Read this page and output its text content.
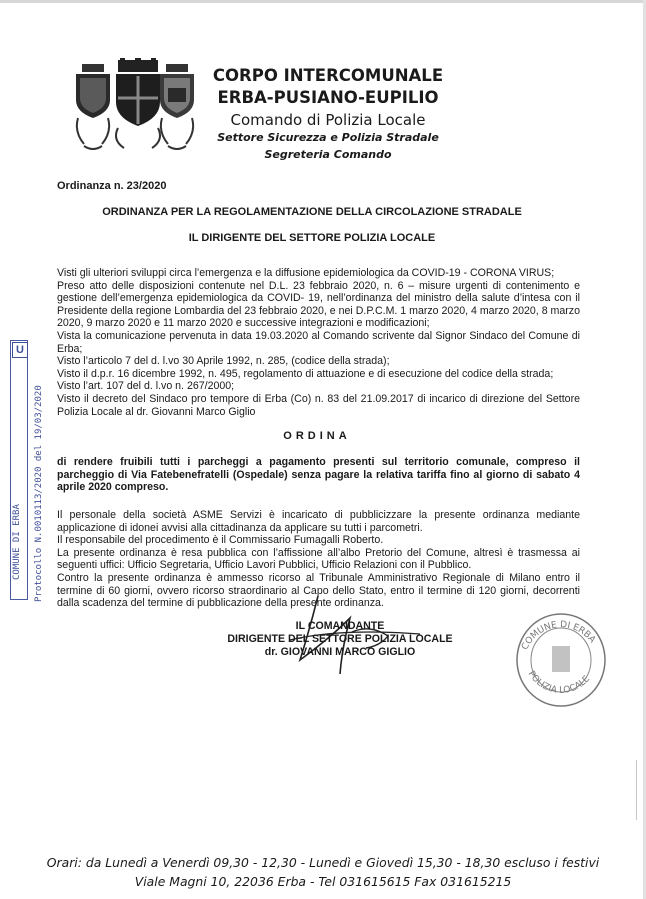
CORPO INTERCOMUNALE
ERBA-PUSIANO-EUPILIO
Comando di Polizia Locale
Settore Sicurezza e Polizia Stradale
Segreteria Comando
Ordinanza n. 23/2020
ORDINANZA PER LA REGOLAMENTAZIONE DELLA CIRCOLAZIONE STRADALE
IL DIRIGENTE DEL SETTORE POLIZIA LOCALE

Visti gli ulteriori sviluppi circa l’emergenza e la diffusione epidemiologica da COVID-19 - CORONA VIRUS;

Preso atto delle disposizioni contenute nel D.L. 23 febbraio 2020, n. 6 – misure urgenti di contenimento e gestione dell’emergenza epidemiologica da COVID- 19, nell’ordinanza del ministro della salute d’intesa con il Presidente della regione Lombardia del 23 febbraio 2020, e nei D.P.C.M. 1 marzo 2020, 4 marzo 2020, 8 marzo 2020, 9 marzo 2020 e 11 marzo 2020 e successive integrazioni e modificazioni;

Vista la comunicazione pervenuta in data 19.03.2020 al Comando scrivente dal Signor Sindaco del Comune di Erba;

Visto l’articolo 7 del d. l.vo 30 Aprile 1992, n. 285, (codice della strada);

Visto il d.p.r. 16 dicembre 1992, n. 495, regolamento di attuazione e di esecuzione del codice della strada;

Visto l’art. 107 del d. l.vo n. 267/2000;

Visto il decreto del Sindaco pro tempore di Erba (Co) n. 83 del 21.09.2017 di incarico di direzione del Settore Polizia Locale al dr. Giovanni Marco Giglio

ORDINA

di rendere fruibili tutti i parcheggi a pagamento presenti sul territorio comunale, compreso il parcheggio di Via Fatebenefratelli (Ospedale) senza pagare la relativa tariffa fino al giorno di sabato 4 aprile 2020 compreso.

Il personale della società ASME Servizi è incaricato di pubblicizzare la presente ordinanza mediante applicazione di idonei avvisi alla cittadinanza da applicare su tutti i parcometri.

Il responsabile del procedimento è il Commissario Fumagalli Roberto.

La presente ordinanza è resa pubblica con l’affissione all’albo Pretorio del Comune, altresì è trasmessa ai seguenti uffici: Ufficio Segretaria, Ufficio Lavori Pubblici, Ufficio Relazioni con il Pubblico.

Contro la presente ordinanza è ammesso ricorso al Tribunale Amministrativo Regionale di Milano entro il termine di 60 giorni, ovvero ricorso straordinario al Capo dello Stato, entro il termine di 120 giorni, decorrenti dalla scadenza del termine di pubblicazione della presente ordinanza.

IL COMANDANTE
DIRIGENTE DEL SETTORE POLIZIA LOCALE
dr. GIOVANNI MARCO GIGLIO	COMUNE DI ERBA
POLIZIA LOCALE
U
COMUNE DI ERBA Protocollo N.0010113/2020 del 19/03/2020
Orari: da Lunedì a Venerdì 09,30 - 12,30 - Lunedì e Giovedì 15,30 - 18,30 escluso i festivi
Viale Magni 10, 22036 Erba - Tel 031615615 Fax 031615215
